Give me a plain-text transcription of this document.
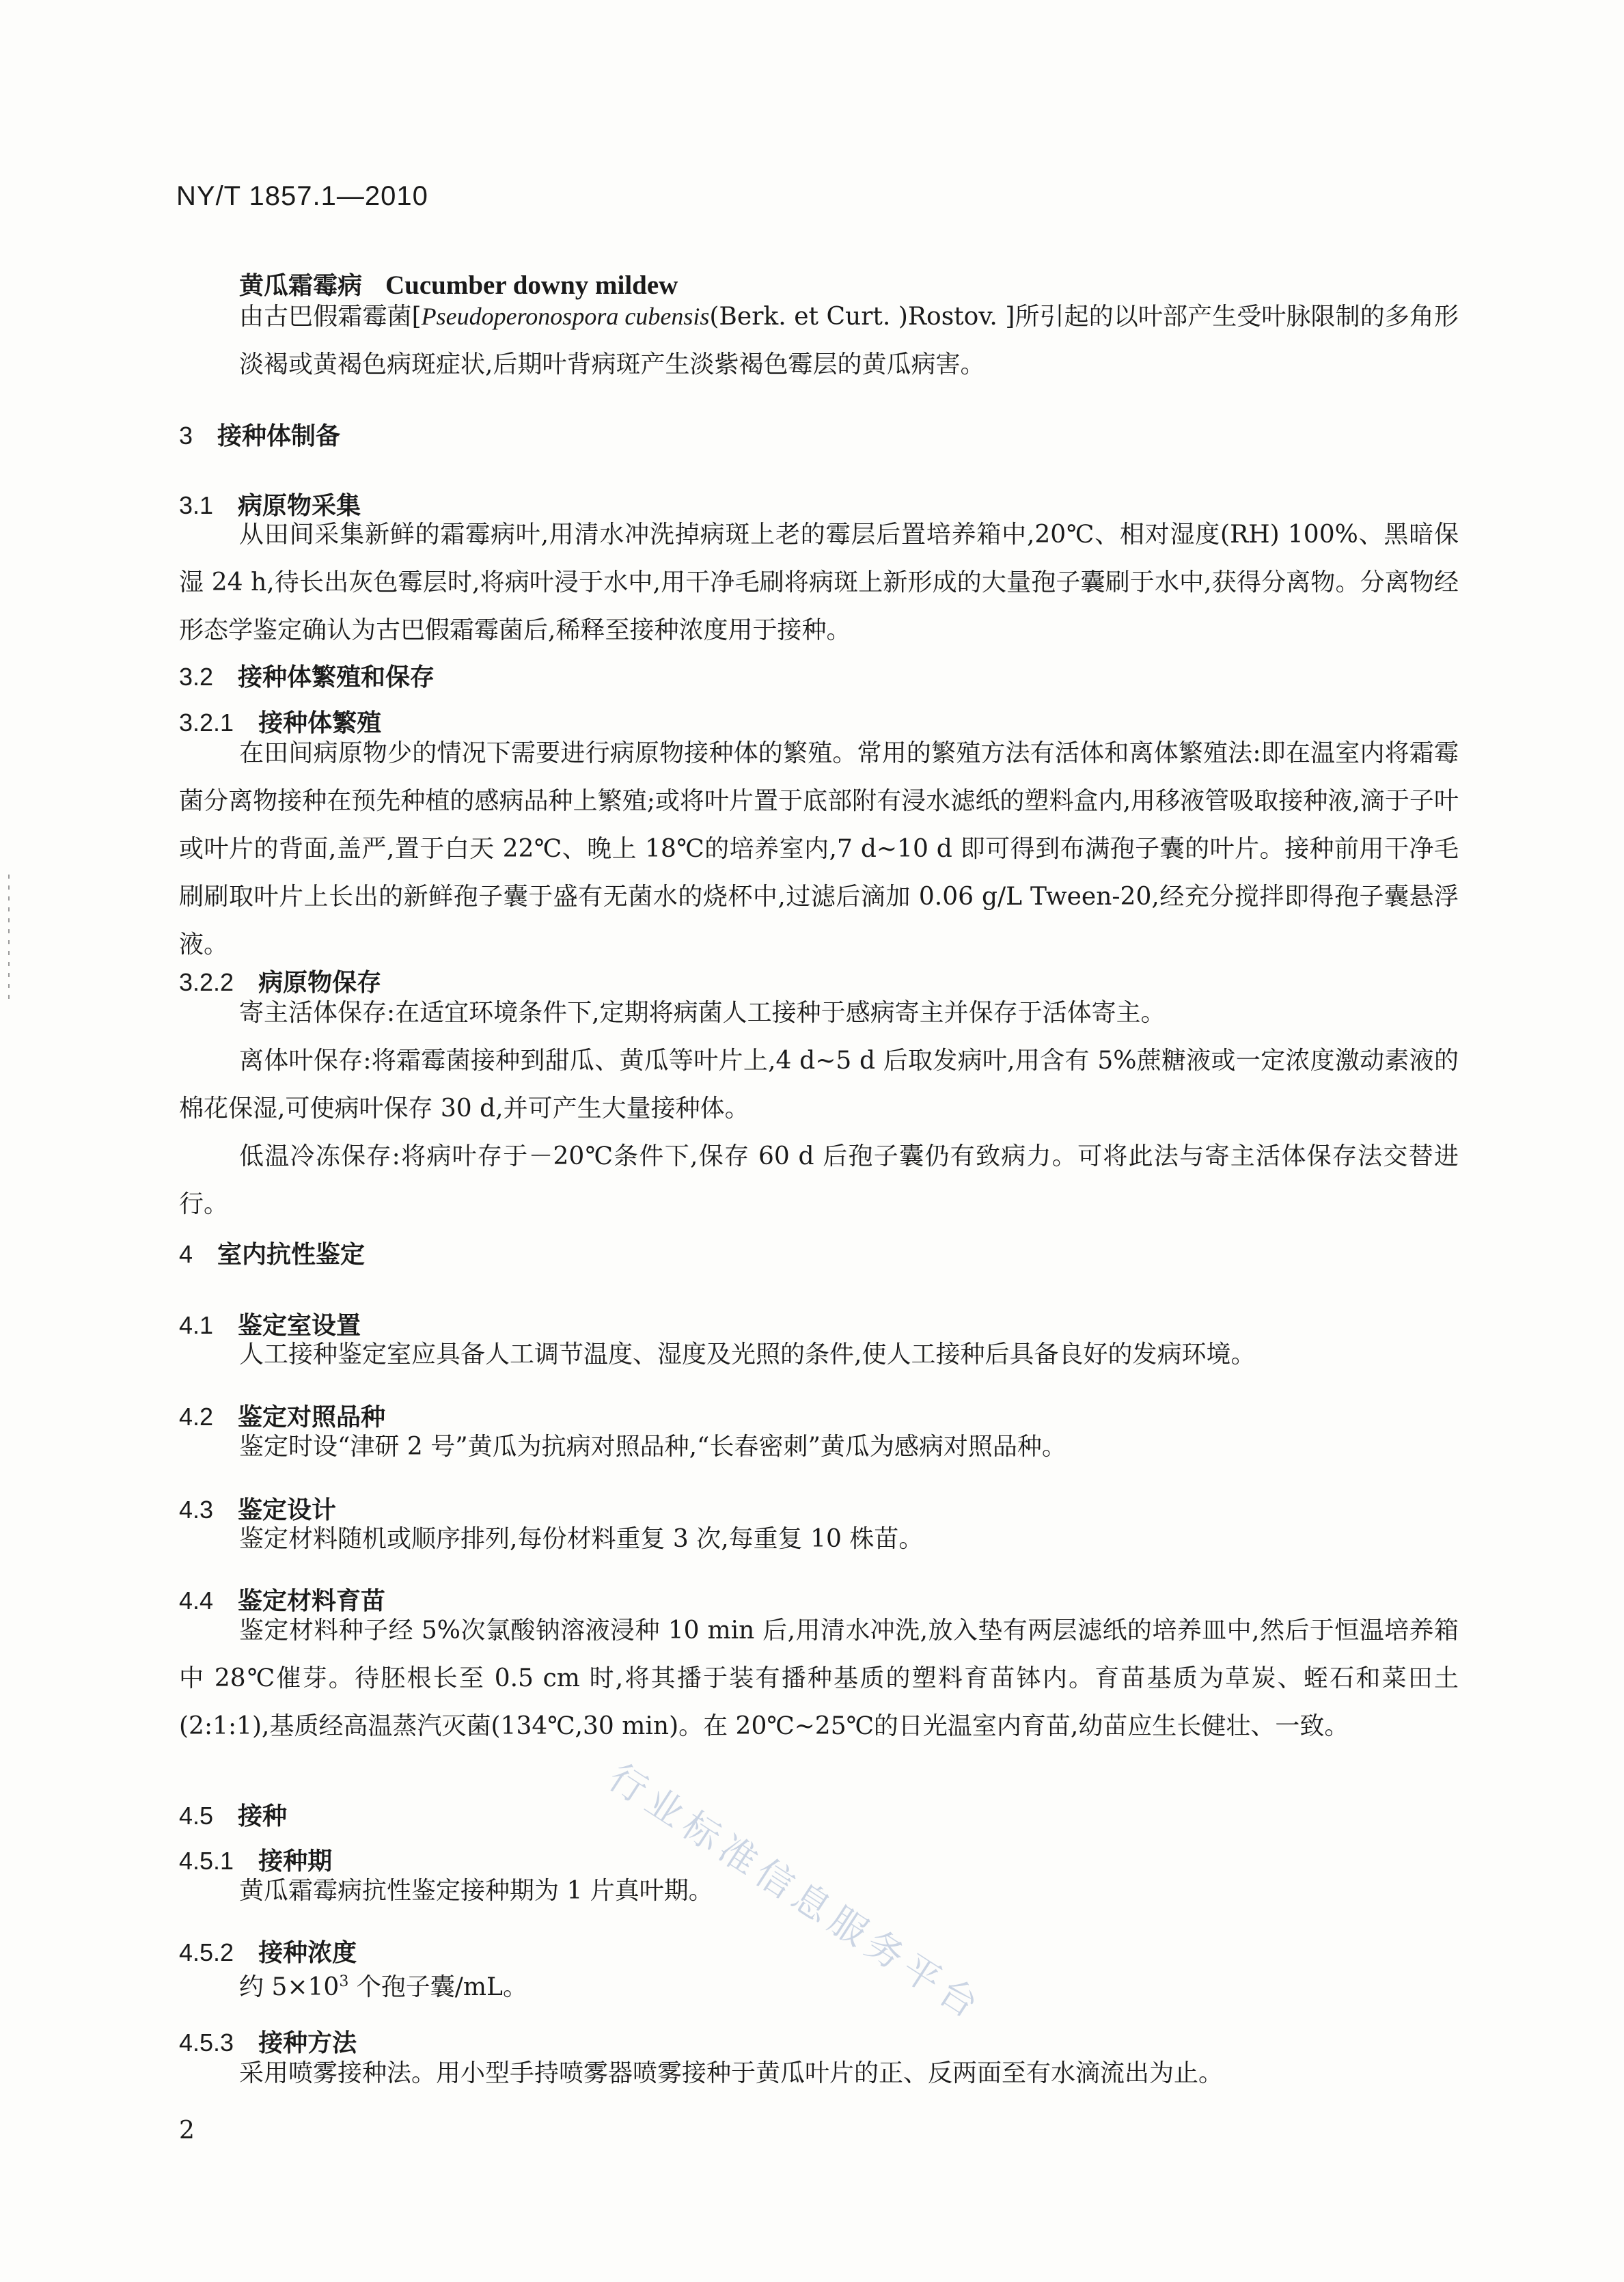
NY/T 1857.1—2010
黄瓜霜霉病 Cucumber downy mildew
由古巴假霜霉菌[Pseudoperonospora cubensis(Berk. et Curt. )Rostov. ]所引起的以叶部产生受叶脉限制的多角形淡褐或黄褐色病斑症状,后期叶背病斑产生淡紫褐色霉层的黄瓜病害。
3 接种体制备
3.1 病原物采集
从田间采集新鲜的霜霉病叶,用清水冲洗掉病斑上老的霉层后置培养箱中,20℃、相对湿度(RH) 100%、黑暗保湿 24 h,待长出灰色霉层时,将病叶浸于水中,用干净毛刷将病斑上新形成的大量孢子囊刷于水中,获得分离物。分离物经形态学鉴定确认为古巴假霜霉菌后,稀释至接种浓度用于接种。
3.2 接种体繁殖和保存
3.2.1 接种体繁殖
在田间病原物少的情况下需要进行病原物接种体的繁殖。常用的繁殖方法有活体和离体繁殖法:即在温室内将霜霉菌分离物接种在预先种植的感病品种上繁殖;或将叶片置于底部附有浸水滤纸的塑料盒内,用移液管吸取接种液,滴于子叶或叶片的背面,盖严,置于白天 22℃、晚上 18℃的培养室内,7 d~10 d 即可得到布满孢子囊的叶片。接种前用干净毛刷刷取叶片上长出的新鲜孢子囊于盛有无菌水的烧杯中,过滤后滴加 0.06 g/L Tween-20,经充分搅拌即得孢子囊悬浮液。
3.2.2 病原物保存
寄主活体保存:在适宜环境条件下,定期将病菌人工接种于感病寄主并保存于活体寄主。
离体叶保存:将霜霉菌接种到甜瓜、黄瓜等叶片上,4 d~5 d 后取发病叶,用含有 5%蔗糖液或一定浓度激动素液的棉花保湿,可使病叶保存 30 d,并可产生大量接种体。
低温冷冻保存:将病叶存于－20℃条件下,保存 60 d 后孢子囊仍有致病力。可将此法与寄主活体保存法交替进行。
4 室内抗性鉴定
4.1 鉴定室设置
人工接种鉴定室应具备人工调节温度、湿度及光照的条件,使人工接种后具备良好的发病环境。
4.2 鉴定对照品种
鉴定时设“津研 2 号”黄瓜为抗病对照品种,“长春密刺”黄瓜为感病对照品种。
4.3 鉴定设计
鉴定材料随机或顺序排列,每份材料重复 3 次,每重复 10 株苗。
4.4 鉴定材料育苗
鉴定材料种子经 5%次氯酸钠溶液浸种 10 min 后,用清水冲洗,放入垫有两层滤纸的培养皿中,然后于恒温培养箱中 28℃催芽。待胚根长至 0.5 cm 时,将其播于装有播种基质的塑料育苗钵内。育苗基质为草炭、蛭石和菜田土(2:1:1),基质经高温蒸汽灭菌(134℃,30 min)。在 20℃~25℃的日光温室内育苗,幼苗应生长健壮、一致。
4.5 接种
4.5.1 接种期
黄瓜霜霉病抗性鉴定接种期为 1 片真叶期。
4.5.2 接种浓度
约 $5\times 10^3$ 个孢子囊/mL。
4.5.3 接种方法
采用喷雾接种法。用小型手持喷雾器喷雾接种于黄瓜叶片的正、反两面至有水滴流出为止。
行业标准信息服务平台
2
